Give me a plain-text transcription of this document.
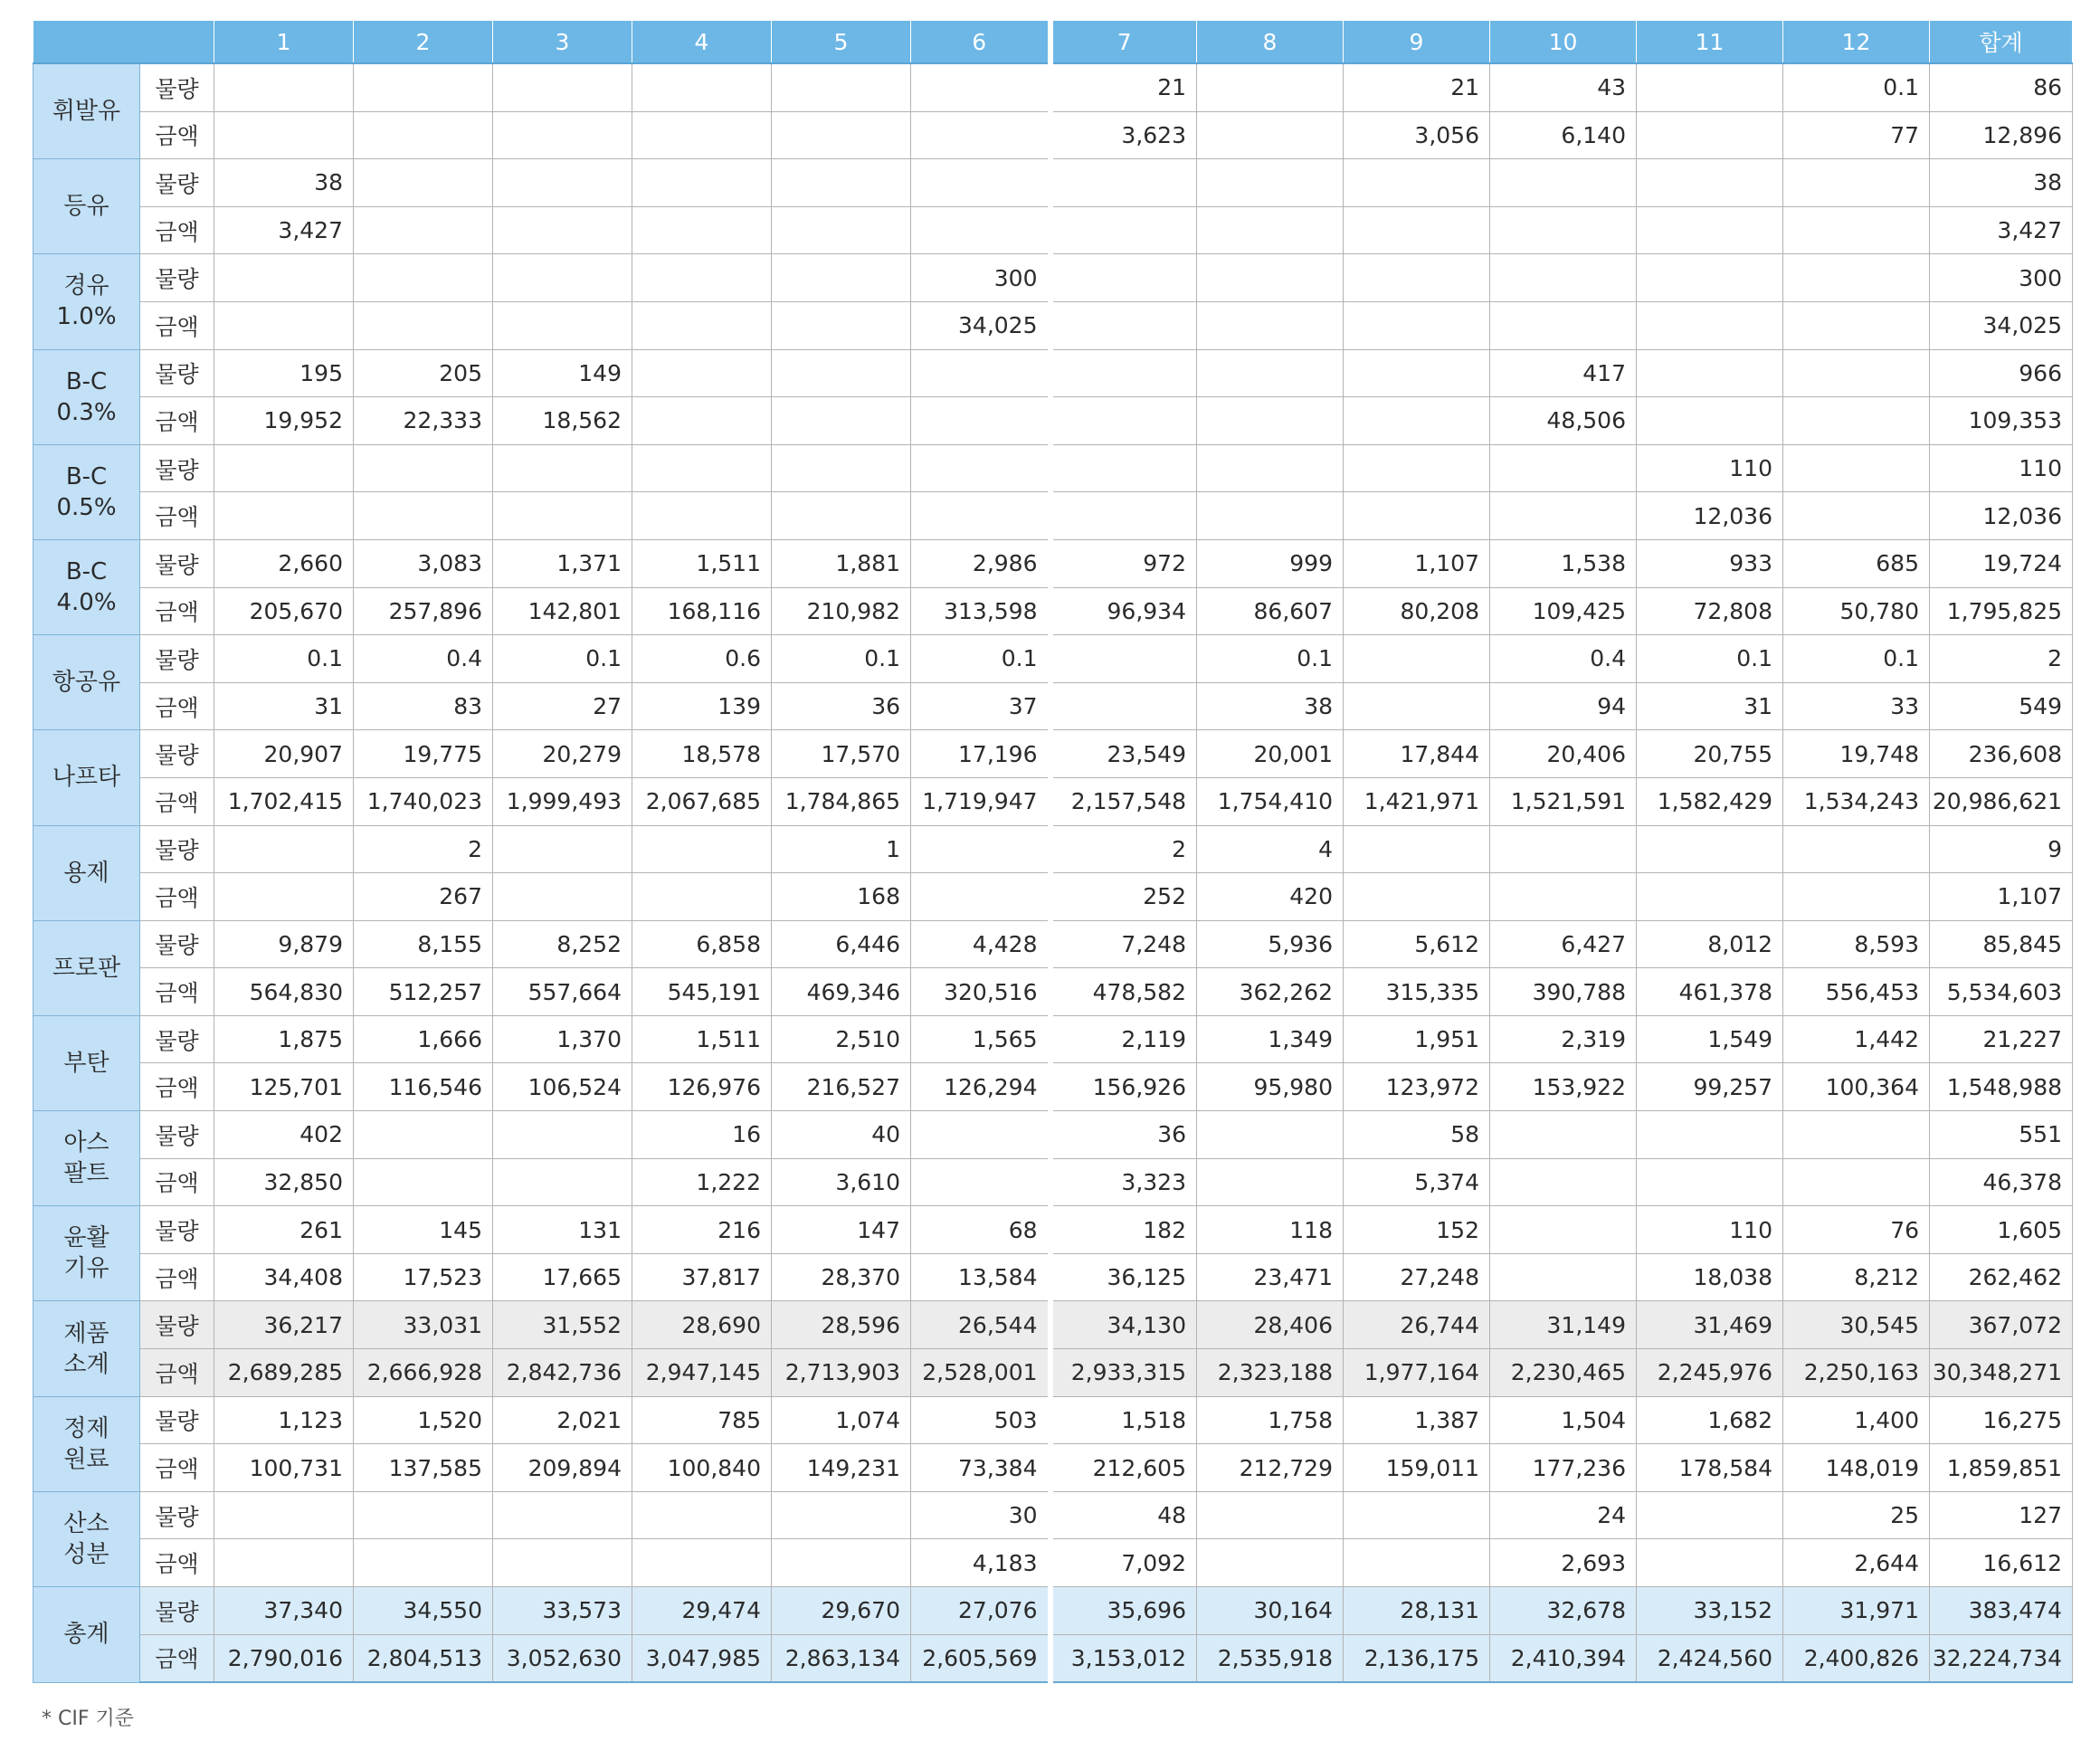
		1	2	3	4	5	6	7	8	9	10	11	12	합계
휘발유	물량							21		21	43		0.1	86
	금액							3,623		3,056	6,140		77	12,896
등유	물량	38												38
	금액	3,427												3,427
경유
1.0%	물량						300							300
	금액						34,025							34,025
B-C
0.3%	물량	195	205	149							417			966
	금액	19,952	22,333	18,562							48,506			109,353
B-C
0.5%	물량											110		110
	금액											12,036		12,036
B-C
4.0%	물량	2,660	3,083	1,371	1,511	1,881	2,986	972	999	1,107	1,538	933	685	19,724
	금액	205,670	257,896	142,801	168,116	210,982	313,598	96,934	86,607	80,208	109,425	72,808	50,780	1,795,825
항공유	물량	0.1	0.4	0.1	0.6	0.1	0.1		0.1		0.4	0.1	0.1	2
	금액	31	83	27	139	36	37		38		94	31	33	549
나프타	물량	20,907	19,775	20,279	18,578	17,570	17,196	23,549	20,001	17,844	20,406	20,755	19,748	236,608
	금액	1,702,415	1,740,023	1,999,493	2,067,685	1,784,865	1,719,947	2,157,548	1,754,410	1,421,971	1,521,591	1,582,429	1,534,243	20,986,621
용제	물량		2			1		2	4					9
	금액		267			168		252	420					1,107
프로판	물량	9,879	8,155	8,252	6,858	6,446	4,428	7,248	5,936	5,612	6,427	8,012	8,593	85,845
	금액	564,830	512,257	557,664	545,191	469,346	320,516	478,582	362,262	315,335	390,788	461,378	556,453	5,534,603
부탄	물량	1,875	1,666	1,370	1,511	2,510	1,565	2,119	1,349	1,951	2,319	1,549	1,442	21,227
	금액	125,701	116,546	106,524	126,976	216,527	126,294	156,926	95,980	123,972	153,922	99,257	100,364	1,548,988
아스
팔트	물량	402			16	40		36		58				551
	금액	32,850			1,222	3,610		3,323		5,374				46,378
윤활
기유	물량	261	145	131	216	147	68	182	118	152		110	76	1,605
	금액	34,408	17,523	17,665	37,817	28,370	13,584	36,125	23,471	27,248		18,038	8,212	262,462
제품
소계	물량	36,217	33,031	31,552	28,690	28,596	26,544	34,130	28,406	26,744	31,149	31,469	30,545	367,072
	금액	2,689,285	2,666,928	2,842,736	2,947,145	2,713,903	2,528,001	2,933,315	2,323,188	1,977,164	2,230,465	2,245,976	2,250,163	30,348,271
정제
원료	물량	1,123	1,520	2,021	785	1,074	503	1,518	1,758	1,387	1,504	1,682	1,400	16,275
	금액	100,731	137,585	209,894	100,840	149,231	73,384	212,605	212,729	159,011	177,236	178,584	148,019	1,859,851
산소
성분	물량						30	48			24		25	127
	금액						4,183	7,092			2,693		2,644	16,612
총계	물량	37,340	34,550	33,573	29,474	29,670	27,076	35,696	30,164	28,131	32,678	33,152	31,971	383,474
	금액	2,790,016	2,804,513	3,052,630	3,047,985	2,863,134	2,605,569	3,153,012	2,535,918	2,136,175	2,410,394	2,424,560	2,400,826	32,224,734
* CIF 기준
